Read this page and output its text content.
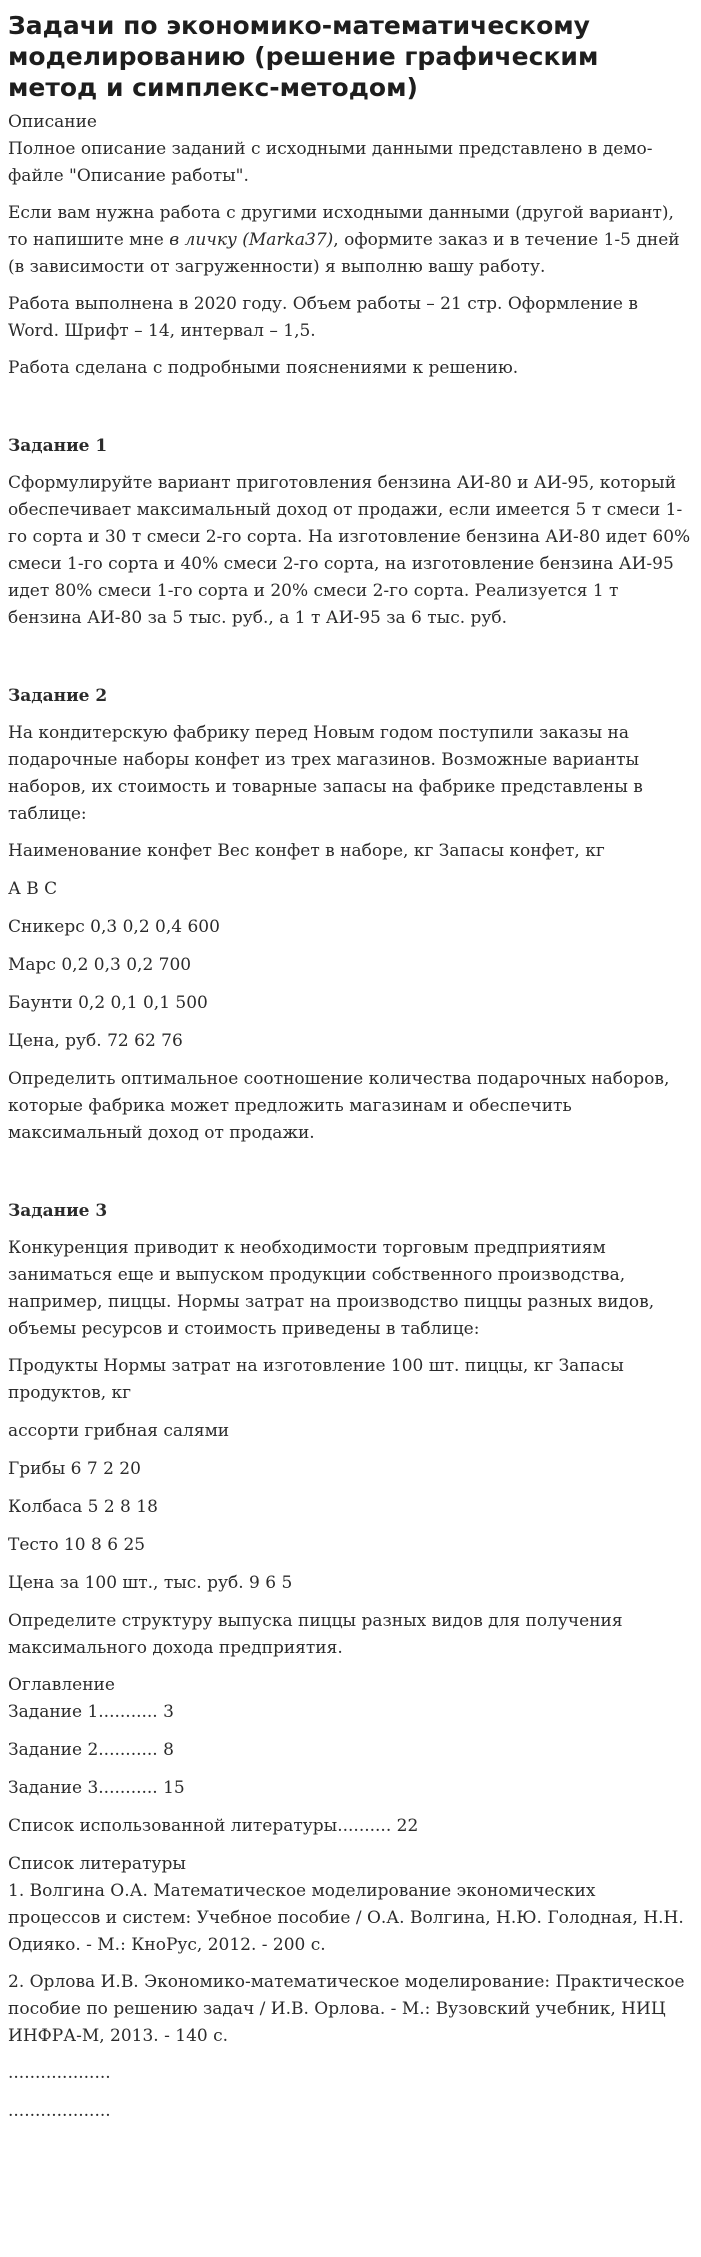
Задачи по экономико-математическому моделированию (решение графическим метод и симплекс-методом)
Описание
Полное описание заданий с исходными данными представлено в демо-файле "Описание работы".
Если вам нужна работа с другими исходными данными (другой вариант), то напишите мне в личку (Marka37), оформите заказ и в течение 1-5 дней (в зависимости от загруженности) я выполню вашу работу.
Работа выполнена в 2020 году. Объем работы – 21 стр. Оформление в Word. Шрифт – 14, интервал – 1,5.
Работа сделана с подробными пояснениями к решению.
Задание 1
Сформулируйте вариант приготовления бензина АИ-80 и АИ-95, который обеспечивает максимальный доход от продажи, если имеется 5 т смеси 1-го сорта и 30 т смеси 2-го сорта. На изготовление бензина АИ-80 идет 60% смеси 1-го сорта и 40% смеси 2-го сорта, на изготовление бензина АИ-95 идет 80% смеси 1-го сорта и 20% смеси 2-го сорта. Реализуется 1 т бензина АИ-80 за 5 тыс. руб., а 1 т АИ-95 за 6 тыс. руб.
Задание 2
На кондитерскую фабрику перед Новым годом поступили заказы на подарочные наборы конфет из трех магазинов. Возможные варианты наборов, их стоимость и товарные запасы на фабрике представлены в таблице:
Наименование конфет Вес конфет в наборе, кг Запасы конфет, кг
А В С
Сникерс 0,3 0,2 0,4 600
Марс 0,2 0,3 0,2 700
Баунти 0,2 0,1 0,1 500
Цена, руб. 72 62 76
Определить оптимальное соотношение количества подарочных наборов, которые фабрика может предложить магазинам и обеспечить максимальный доход от продажи.
Задание 3
Конкуренция приводит к необходимости торговым предприятиям заниматься еще и выпуском продукции собственного производства, например, пиццы. Нормы затрат на производство пиццы разных видов, объемы ресурсов и стоимость приведены в таблице:
Продукты Нормы затрат на изготовление 100 шт. пиццы, кг Запасы продуктов, кг
ассорти грибная салями
Грибы 6 7 2 20
Колбаса 5 2 8 18
Тесто 10 8 6 25
Цена за 100 шт., тыс. руб. 9 6 5
Определите структуру выпуска пиццы разных видов для получения максимального дохода предприятия.
Оглавление
Задание 1........... 3
Задание 2........... 8
Задание 3........... 15
Список использованной литературы.......... 22
Список литературы
1. Волгина О.А. Математическое моделирование экономических процессов и систем: Учебное пособие / О.А. Волгина, Н.Ю. Голодная, Н.Н. Одияко. - М.: КноРус, 2012. - 200 с.
2. Орлова И.В. Экономико-математическое моделирование: Практическое пособие по решению задач / И.В. Орлова. - М.: Вузовский учебник, НИЦ ИНФРА-М, 2013. - 140 с.
...................
...................
